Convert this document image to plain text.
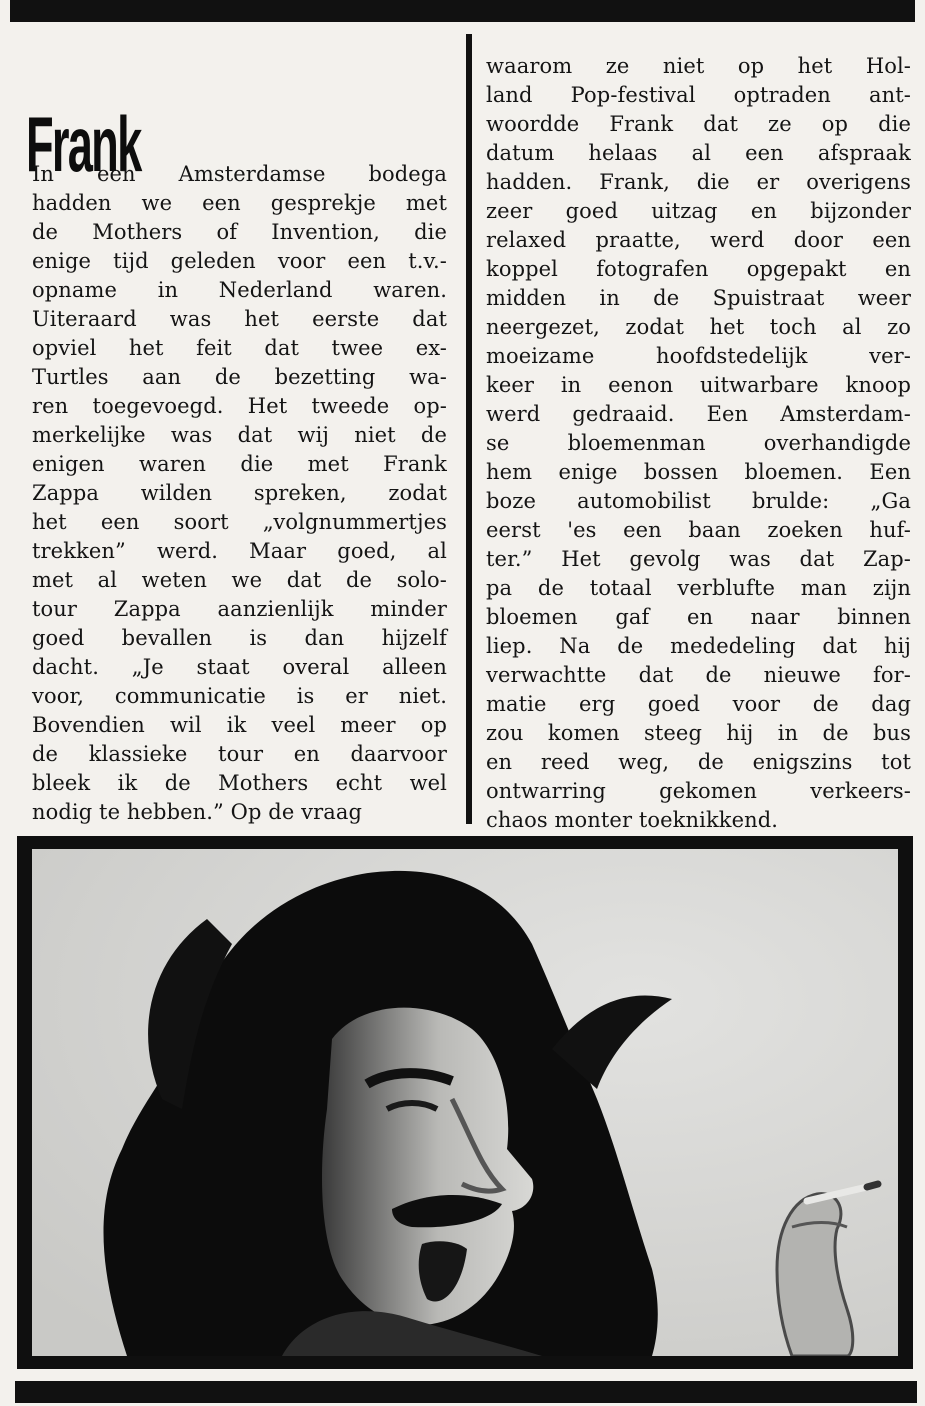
Frank
In een Amsterdamse bodega
hadden we een gesprekje met
de Mothers of Invention, die
enige tijd geleden voor een t.v.-
opname in Nederland waren.
Uiteraard was het eerste dat
opviel het feit dat twee ex-
Turtles aan de bezetting wa-
ren toegevoegd. Het tweede op-
merkelijke was dat wij niet de
enigen waren die met Frank
Zappa wilden spreken, zodat
het een soort „volgnummertjes
trekken” werd. Maar goed, al
met al weten we dat de solo-
tour Zappa aanzienlijk minder
goed bevallen is dan hijzelf
dacht. „Je staat overal alleen
voor, communicatie is er niet.
Bovendien wil ik veel meer op
de klassieke tour en daarvoor
bleek ik de Mothers echt wel
nodig te hebben.” Op de vraag
waarom ze niet op het Hol-
land Pop-festival optraden ant-
woordde Frank dat ze op die
datum helaas al een afspraak
hadden. Frank, die er overigens
zeer goed uitzag en bijzonder
relaxed praatte, werd door een
koppel fotografen opgepakt en
midden in de Spuistraat weer
neergezet, zodat het toch al zo
moeizame hoofdstedelijk ver-
keer in eenon uitwarbare knoop
werd gedraaid. Een Amsterdam-
se bloemenman overhandigde
hem enige bossen bloemen. Een
boze automobilist brulde: „Ga
eerst 'es een baan zoeken huf-
ter.” Het gevolg was dat Zap-
pa de totaal verblufte man zijn
bloemen gaf en naar binnen
liep. Na de mededeling dat hij
verwachtte dat de nieuwe for-
matie erg goed voor de dag
zou komen steeg hij in de bus
en reed weg, de enigszins tot
ontwarring gekomen verkeers-
chaos monter toeknikkend.
